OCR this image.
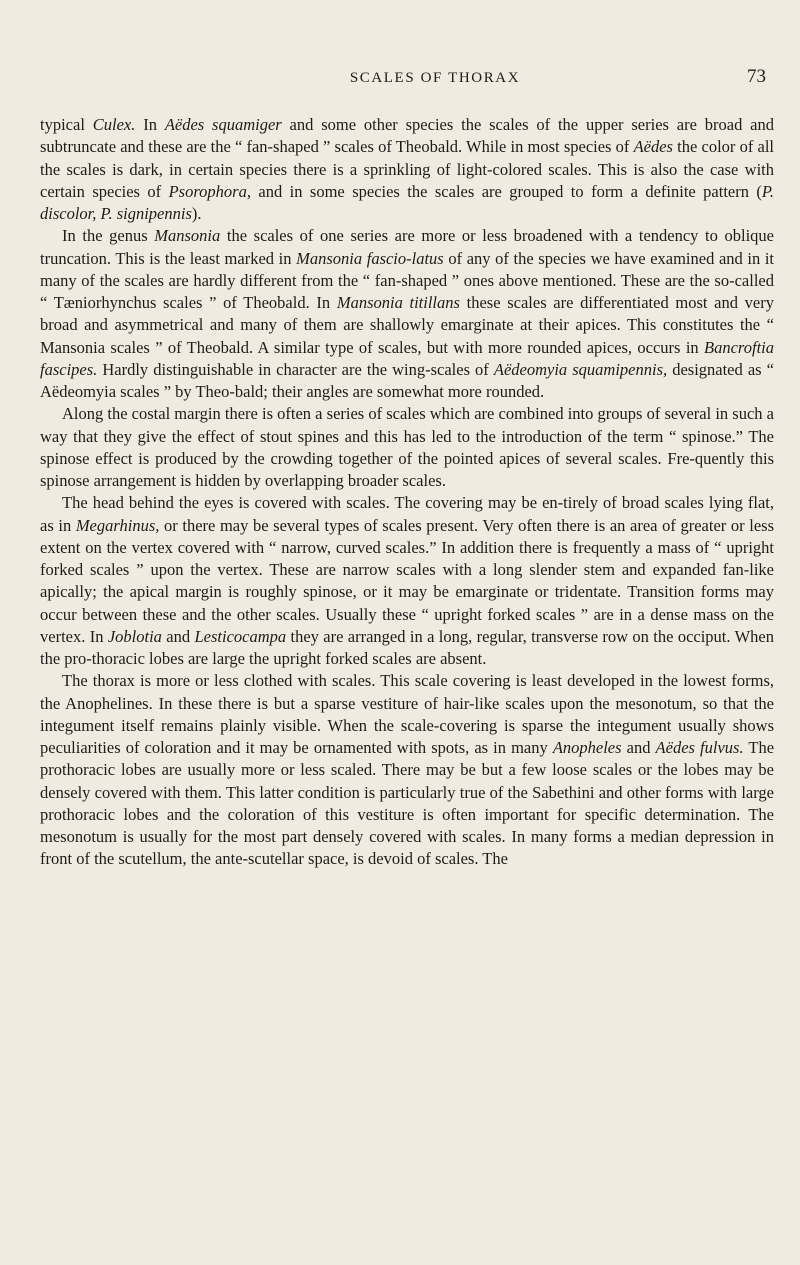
SCALES OF THORAX	73

typical Culex. In Aëdes squamiger and some other species the scales of the upper series are broad and subtruncate and these are the “ fan-shaped ” scales of Theobald. While in most species of Aëdes the color of all the scales is dark, in certain species there is a sprinkling of light-colored scales. This is also the case with certain species of Psorophora, and in some species the scales are grouped to form a definite pattern (P. discolor, P. signipennis).

In the genus Mansonia the scales of one series are more or less broadened with a tendency to oblique truncation. This is the least marked in Mansonia fascio-latus of any of the species we have examined and in it many of the scales are hardly different from the “ fan-shaped ” ones above mentioned. These are the so-called “ Tæniorhynchus scales ” of Theobald. In Mansonia titillans these scales are differentiated most and very broad and asymmetrical and many of them are shallowly emarginate at their apices. This constitutes the “ Mansonia scales ” of Theobald. A similar type of scales, but with more rounded apices, occurs in Bancroftia fascipes. Hardly distinguishable in character are the wing-scales of Aëdeomyia squamipennis, designated as “ Aëdeomyia scales ” by Theo-bald; their angles are somewhat more rounded.

Along the costal margin there is often a series of scales which are combined into groups of several in such a way that they give the effect of stout spines and this has led to the introduction of the term “ spinose.” The spinose effect is produced by the crowding together of the pointed apices of several scales. Fre-quently this spinose arrangement is hidden by overlapping broader scales.

The head behind the eyes is covered with scales. The covering may be en-tirely of broad scales lying flat, as in Megarhinus, or there may be several types of scales present. Very often there is an area of greater or less extent on the vertex covered with “ narrow, curved scales.” In addition there is frequently a mass of “ upright forked scales ” upon the vertex. These are narrow scales with a long slender stem and expanded fan-like apically; the apical margin is roughly spinose, or it may be emarginate or tridentate. Transition forms may occur between these and the other scales. Usually these “ upright forked scales ” are in a dense mass on the vertex. In Joblotia and Lesticocampa they are arranged in a long, regular, transverse row on the occiput. When the pro-thoracic lobes are large the upright forked scales are absent.

The thorax is more or less clothed with scales. This scale covering is least developed in the lowest forms, the Anophelines. In these there is but a sparse vestiture of hair-like scales upon the mesonotum, so that the integument itself remains plainly visible. When the scale-covering is sparse the integument usually shows peculiarities of coloration and it may be ornamented with spots, as in many Anopheles and Aëdes fulvus. The prothoracic lobes are usually more or less scaled. There may be but a few loose scales or the lobes may be densely covered with them. This latter condition is particularly true of the Sabethini and other forms with large prothoracic lobes and the coloration of this vestiture is often important for specific determination. The mesonotum is usually for the most part densely covered with scales. In many forms a median depression in front of the scutellum, the ante-scutellar space, is devoid of scales. The
